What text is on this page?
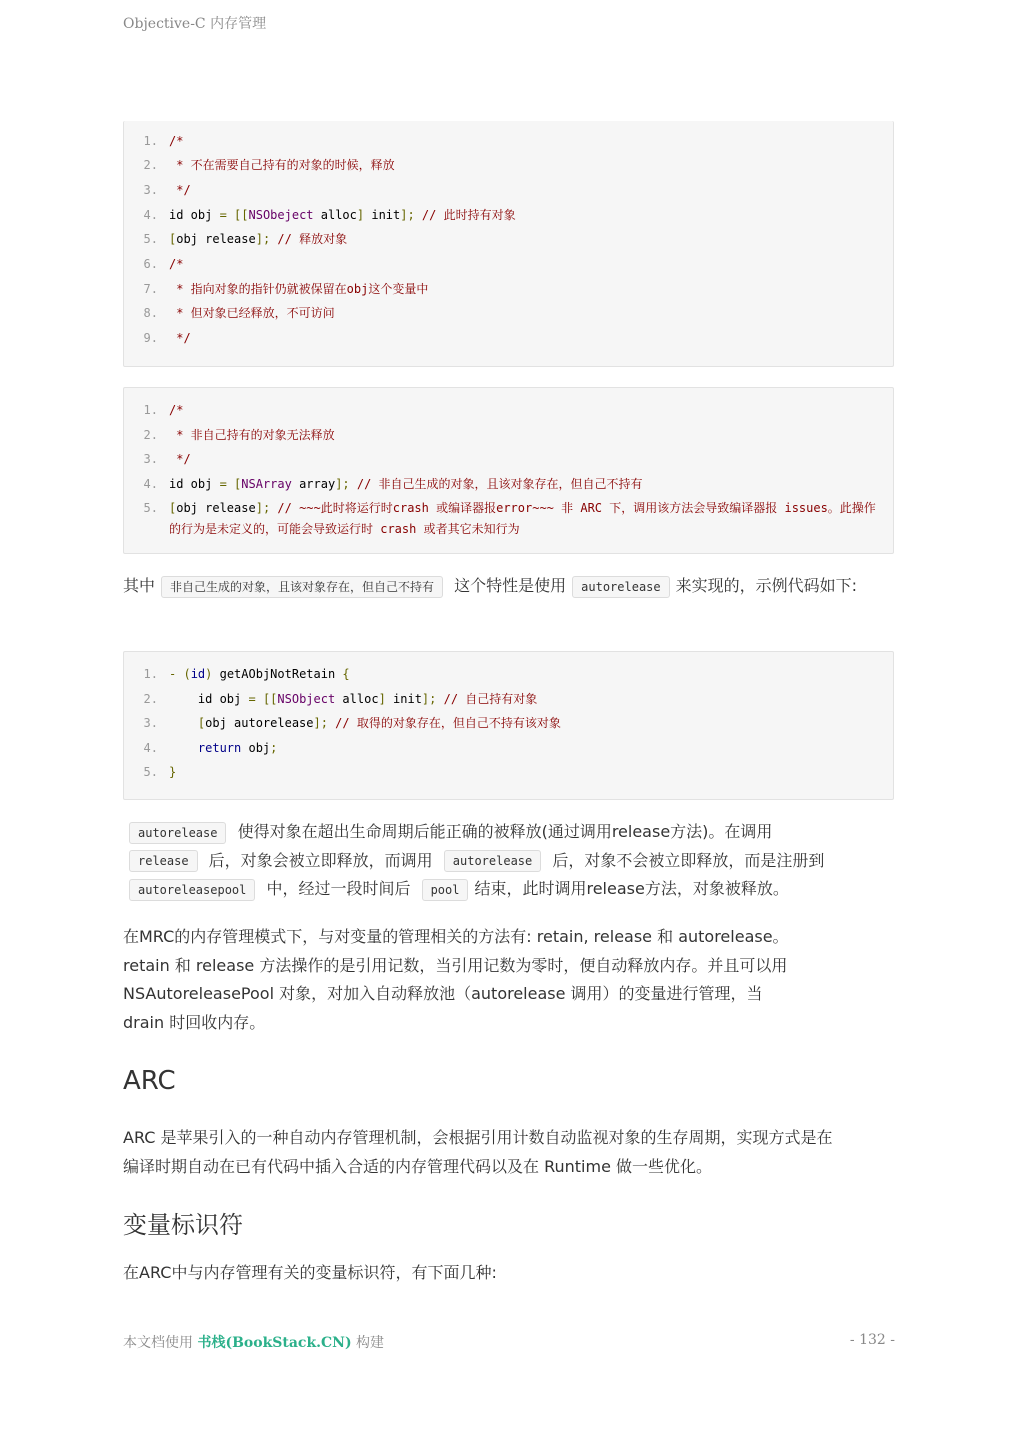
Objective-C 内存管理
1. /*
2. * 不在需要自己持有的对象的时候，释放
3. */
4. id obj = [[NSObeject alloc] init]; // 此时持有对象
5. [obj release]; // 释放对象
6. /*
7. * 指向对象的指针仍就被保留在obj这个变量中
8. * 但对象已经释放，不可访问
9. */
1. /*
2. * 非自己持有的对象无法释放
3. */
4. id obj = [NSArray array]; // 非自己生成的对象，且该对象存在，但自己不持有
5. [obj release]; // ~~~此时将运行时crash 或编译器报error~~~ 非 ARC 下，调用该方法会导致编译器报 issues。此操作的行为是未定义的，可能会导致运行时 crash 或者其它未知行为
其中 非自己生成的对象，且该对象存在，但自己不持有 这个特性是使用 autorelease 来实现的，示例代码如下:
1. - (id) getAObjNotRetain {
2. id obj = [[NSObject alloc] init]; // 自己持有对象
3. [obj autorelease]; // 取得的对象存在，但自己不持有该对象
4. return obj;
5. }
autorelease 使得对象在超出生命周期后能正确的被释放(通过调用release方法)。在调用
release 后，对象会被立即释放，而调用 autorelease 后，对象不会被立即释放，而是注册到
autoreleasepool 中，经过一段时间后 pool 结束，此时调用release方法，对象被释放。
在MRC的内存管理模式下，与对变量的管理相关的方法有: retain, release 和 autorelease。
retain 和 release 方法操作的是引用记数，当引用记数为零时，便自动释放内存。并且可以用
NSAutoreleasePool 对象，对加入自动释放池（autorelease 调用）的变量进行管理，当
drain 时回收内存。
ARC
ARC 是苹果引入的一种自动内存管理机制，会根据引用计数自动监视对象的生存周期，实现方式是在
编译时期自动在已有代码中插入合适的内存管理代码以及在 Runtime 做一些优化。
变量标识符
在ARC中与内存管理有关的变量标识符，有下面几种:
本文档使用 书栈(BookStack.CN) 构建	- 132 -
